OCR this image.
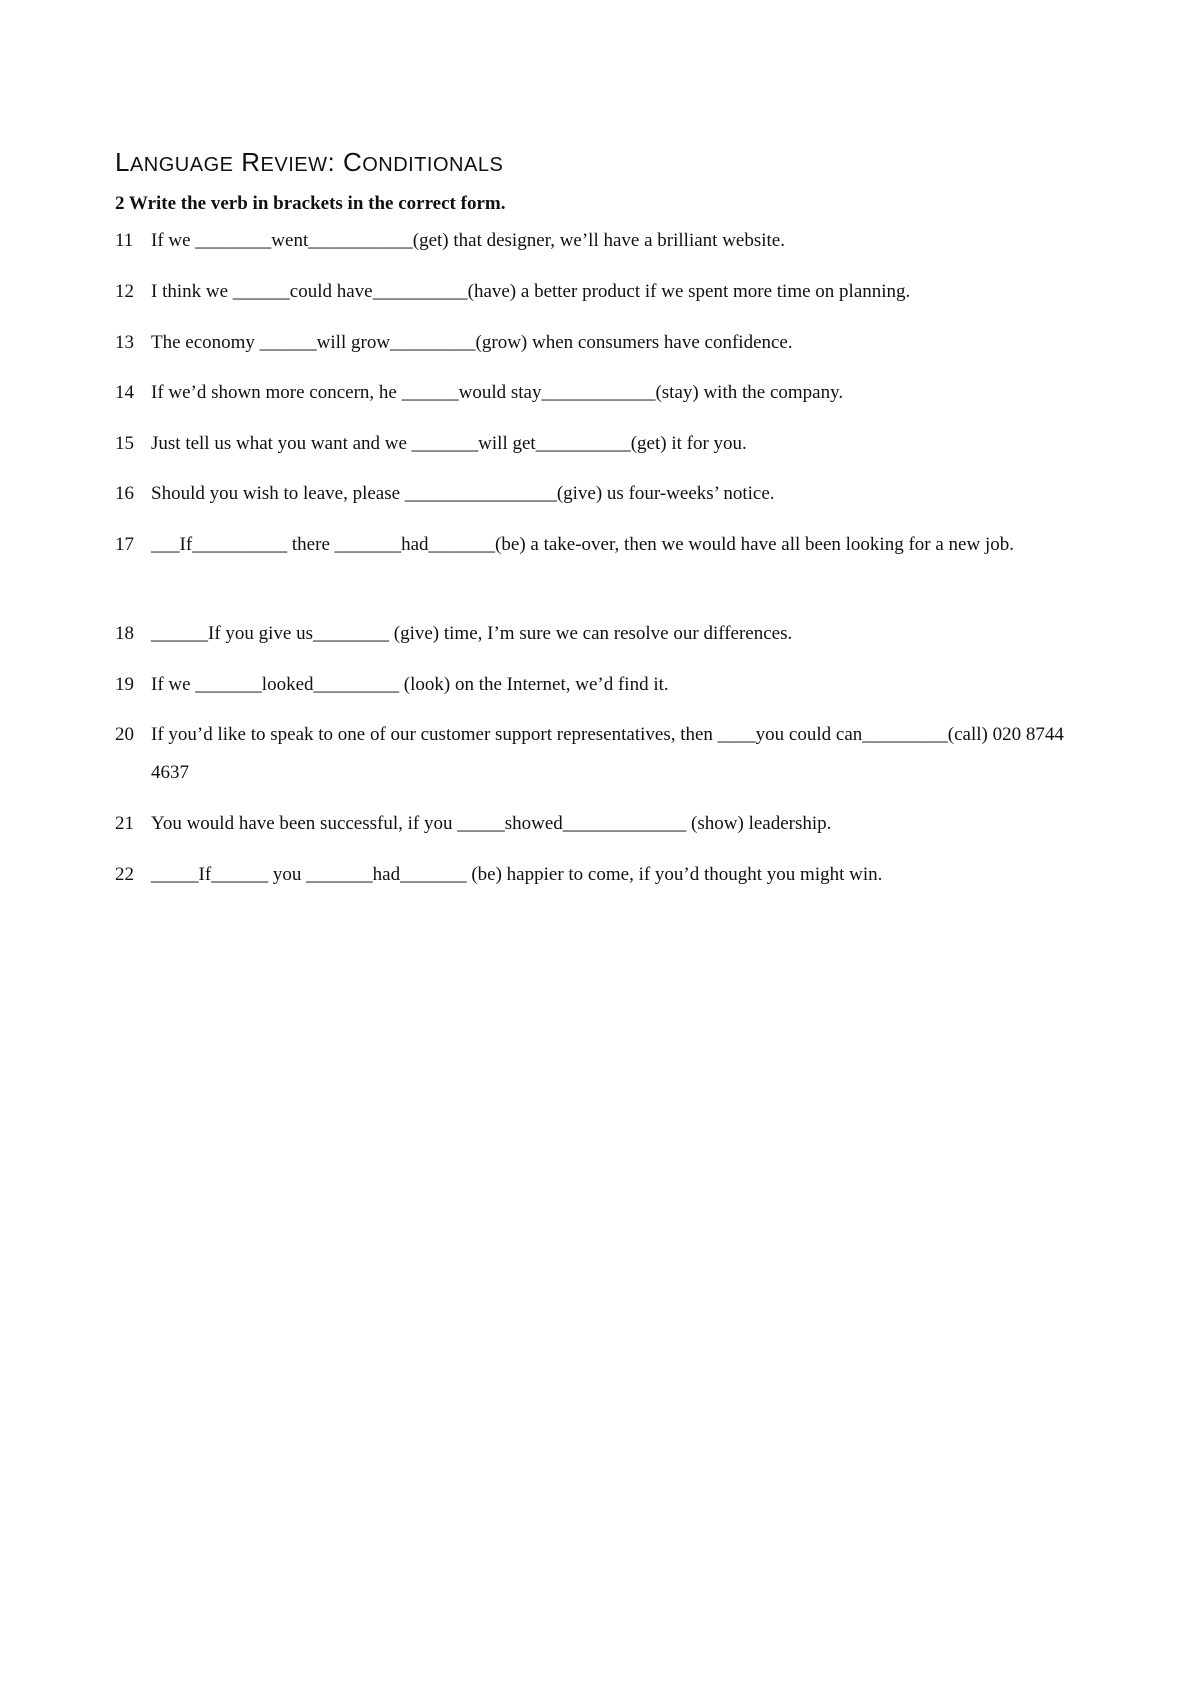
LANGUAGE REVIEW: CONDITIONALS
2 Write the verb in brackets in the correct form.
11 If we ________went___________(get) that designer, we’ll have a brilliant website.
12 I think we ______could have__________(have) a better product if we spent more time on planning.
13 The economy ______will grow_________(grow) when consumers have confidence.
14 If we’d shown more concern, he ______would stay____________(stay) with the company.
15 Just tell us what you want and we _______will get__________(get) it for you.
16 Should you wish to leave, please ________________(give) us four-weeks’ notice.
17 ___If__________ there _______had_______(be) a take-over, then we would have all been looking for a new job.
18 ______If you give us________ (give) time, I’m sure we can resolve our differences.
19 If we _______looked_________ (look) on the Internet, we’d find it.
20 If you’d like to speak to one of our customer support representatives, then ____you could can_________(call) 020 8744 4637
21 You would have been successful, if you _____showed_____________ (show) leadership.
22 _____If______ you _______had_______ (be) happier to come, if you’d thought you might win.
